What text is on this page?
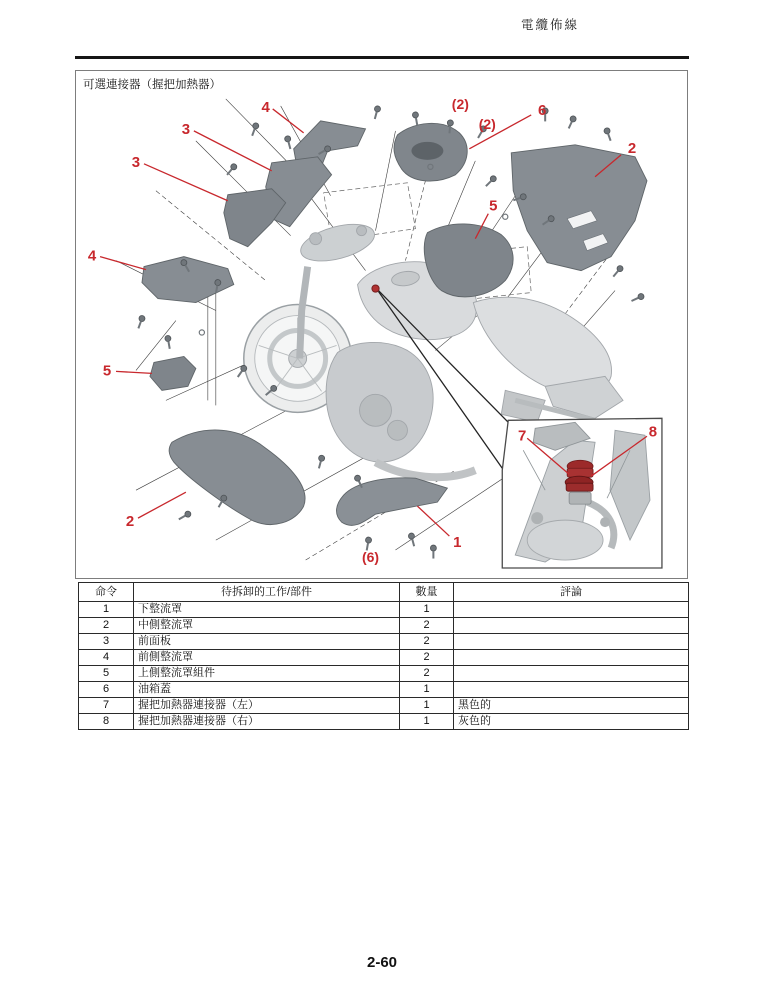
電纜佈線
4
3
3
4
5
2
(2)
(2)
6
2
5
1
(6)
7	8
可選連接器（握把加熱器）
命令	待拆卸的工作/部件	數量	評論
1	下整流罩	1	
2	中側整流罩	2	
3	前面板	2	
4	前側整流罩	2	
5	上側整流罩組件	2	
6	油箱蓋	1	
7	握把加熱器連接器（左）	1	黑色的
8	握把加熱器連接器（右）	1	灰色的
2-60
